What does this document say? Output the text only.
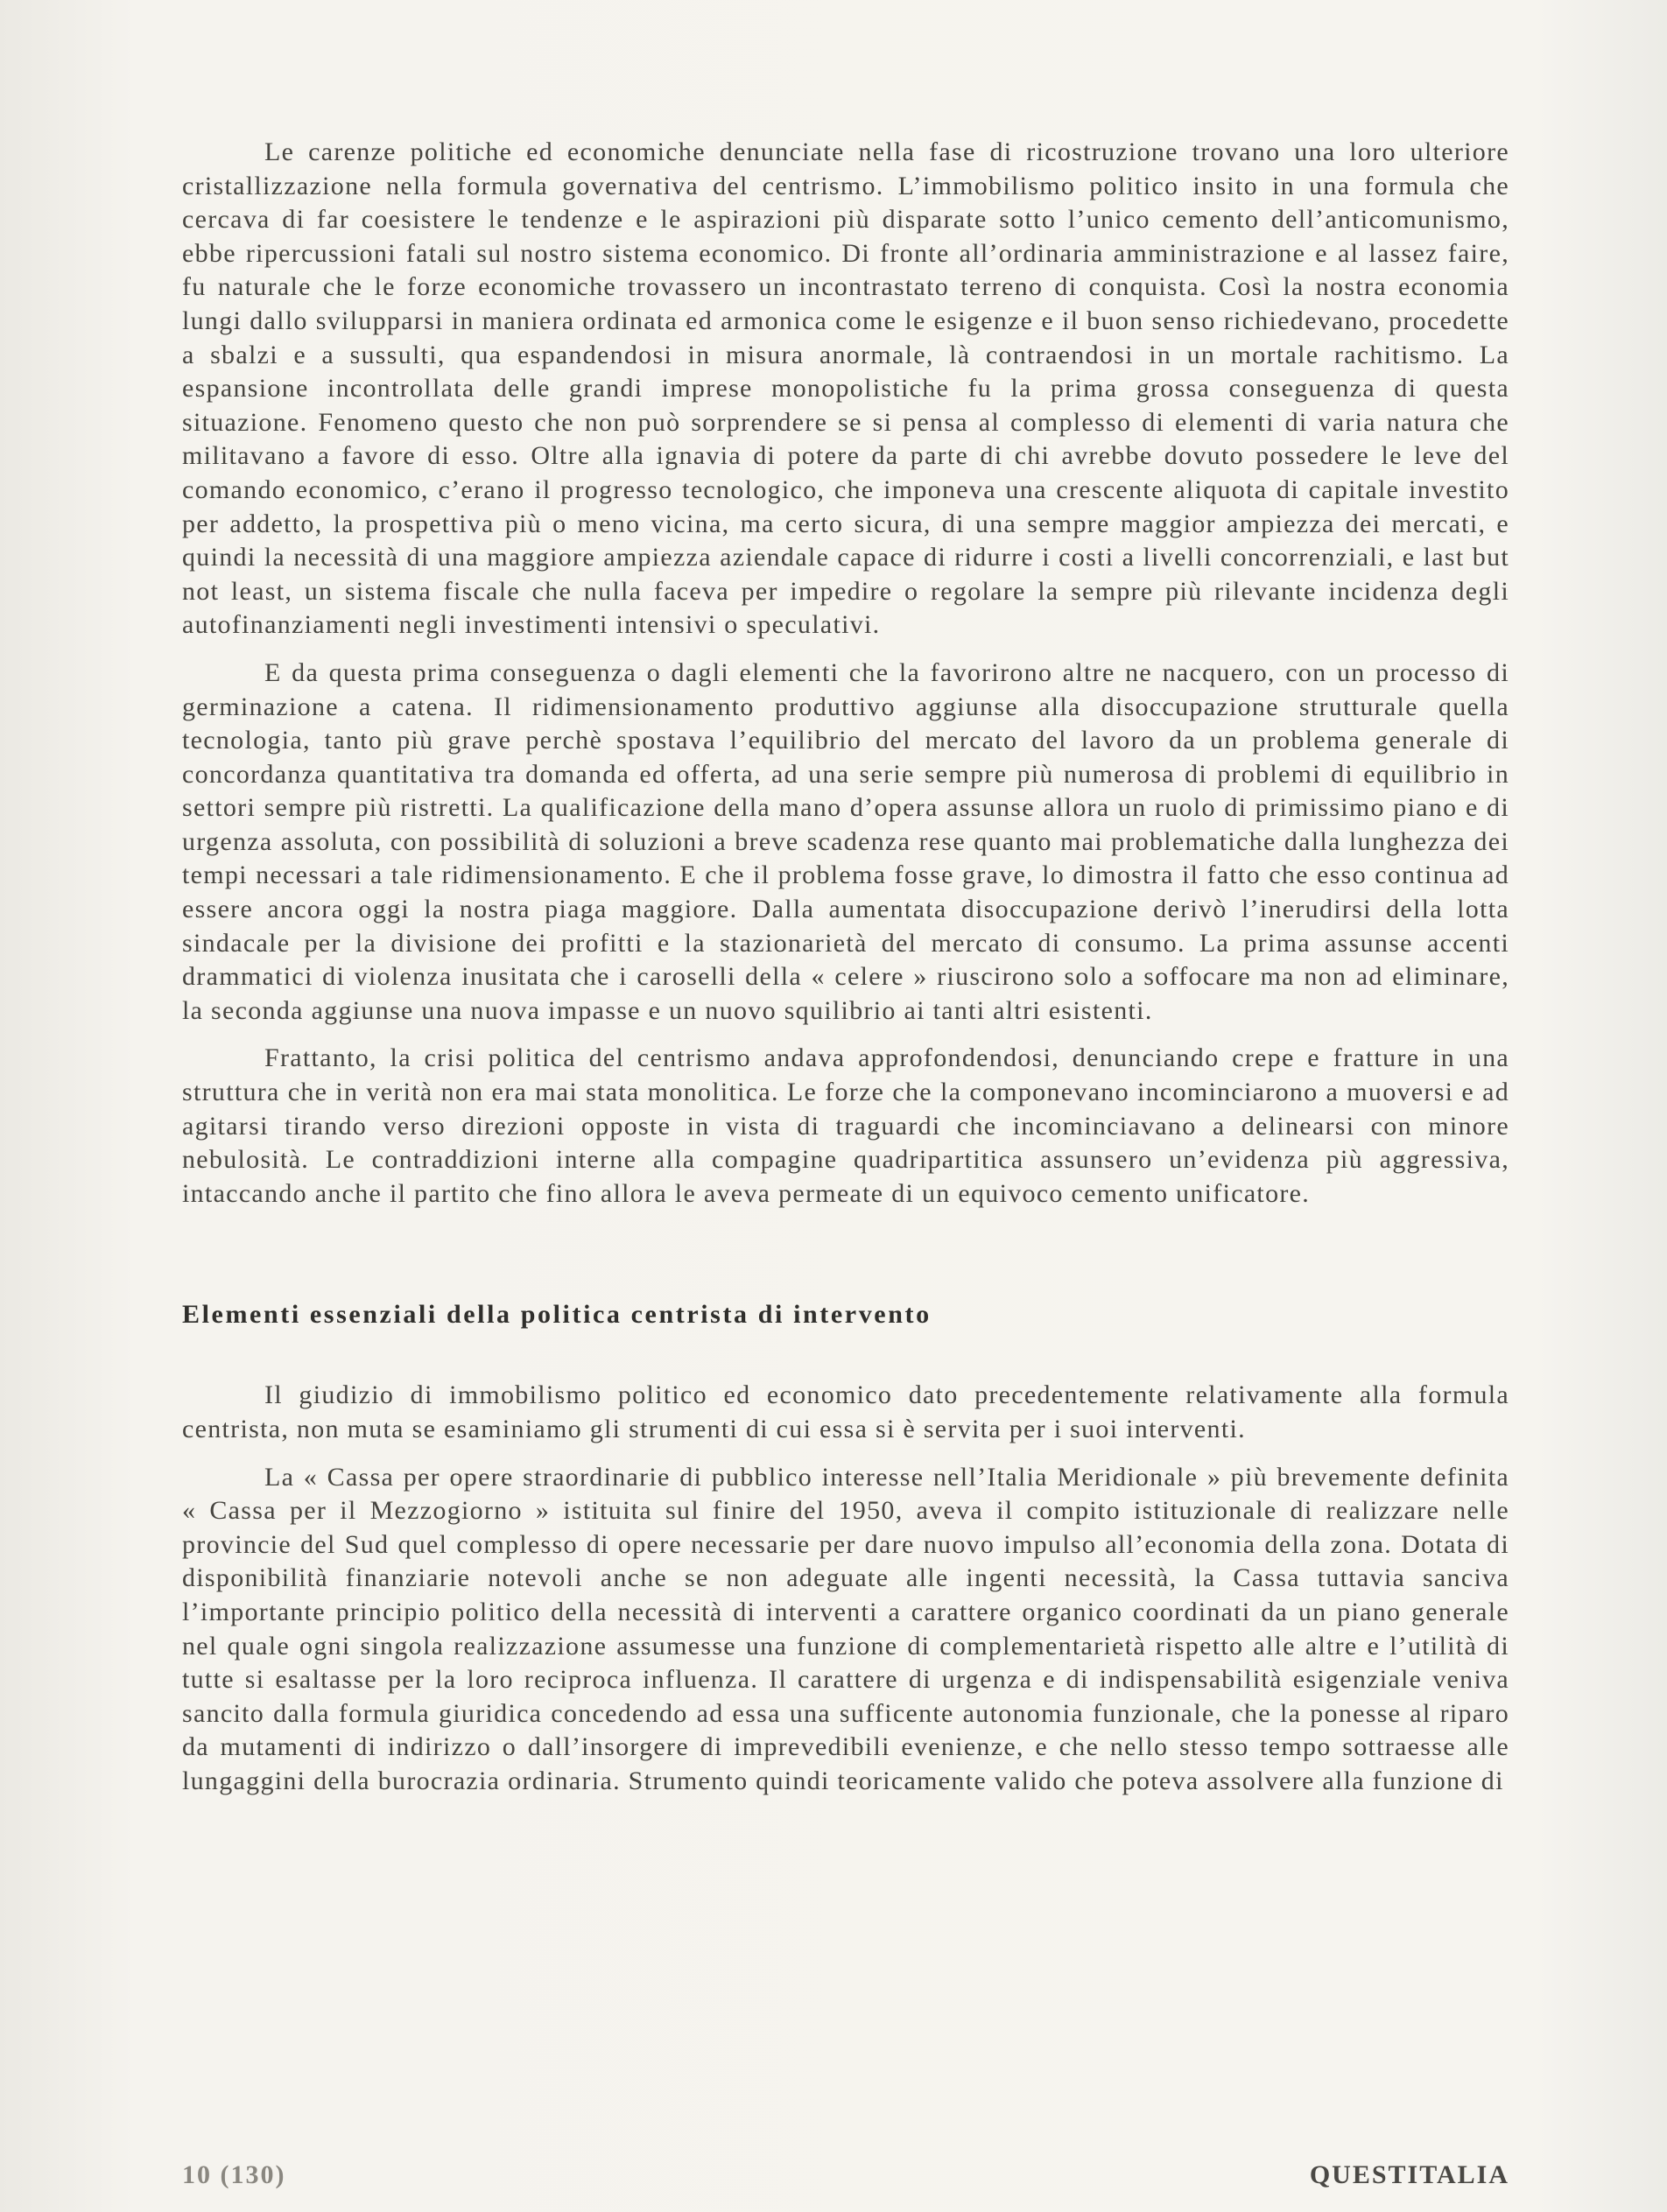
Le carenze politiche ed economiche denunciate nella fase di ricostruzione trovano una loro ulteriore cristallizzazione nella formula governativa del centrismo. L’immobilismo politico insito in una formula che cercava di far coesistere le tendenze e le aspirazioni più disparate sotto l’unico cemento dell’anticomunismo, ebbe ripercussioni fatali sul nostro sistema economico. Di fronte all’ordinaria amministrazione e al lassez faire, fu naturale che le forze economiche trovassero un incontrastato terreno di conquista. Così la nostra economia lungi dallo svilupparsi in maniera ordinata ed armonica come le esigenze e il buon senso richiedevano, procedette a sbalzi e a sussulti, qua espandendosi in misura anormale, là contraendosi in un mortale rachitismo. La espansione incontrollata delle grandi imprese monopolistiche fu la prima grossa conseguenza di questa situazione. Fenomeno questo che non può sorprendere se si pensa al complesso di elementi di varia natura che militavano a favore di esso. Oltre alla ignavia di potere da parte di chi avrebbe dovuto possedere le leve del comando economico, c’erano il progresso tecnologico, che imponeva una crescente aliquota di capitale investito per addetto, la prospettiva più o meno vicina, ma certo sicura, di una sempre maggior ampiezza dei mercati, e quindi la necessità di una maggiore ampiezza aziendale capace di ridurre i costi a livelli concorrenziali, e last but not least, un sistema fiscale che nulla faceva per impedire o regolare la sempre più rilevante incidenza degli autofinanziamenti negli investimenti intensivi o speculativi.

E da questa prima conseguenza o dagli elementi che la favorirono altre ne nacquero, con un processo di germinazione a catena. Il ridimensionamento produttivo aggiunse alla disoccupazione strutturale quella tecnologia, tanto più grave perchè spostava l’equilibrio del mercato del lavoro da un problema generale di concordanza quantitativa tra domanda ed offerta, ad una serie sempre più numerosa di problemi di equilibrio in settori sempre più ristretti. La qualificazione della mano d’opera assunse allora un ruolo di primissimo piano e di urgenza assoluta, con possibilità di soluzioni a breve scadenza rese quanto mai problematiche dalla lunghezza dei tempi necessari a tale ridimensionamento. E che il problema fosse grave, lo dimostra il fatto che esso continua ad essere ancora oggi la nostra piaga maggiore. Dalla aumentata disoccupazione derivò l’inerudirsi della lotta sindacale per la divisione dei profitti e la stazionarietà del mercato di consumo. La prima assunse accenti drammatici di violenza inusitata che i caroselli della « celere » riuscirono solo a soffocare ma non ad eliminare, la seconda aggiunse una nuova impasse e un nuovo squilibrio ai tanti altri esistenti.

Frattanto, la crisi politica del centrismo andava approfondendosi, denunciando crepe e fratture in una struttura che in verità non era mai stata monolitica. Le forze che la componevano incominciarono a muoversi e ad agitarsi tirando verso direzioni opposte in vista di traguardi che incominciavano a delinearsi con minore nebulosità. Le contraddizioni interne alla compagine quadripartitica assunsero un’evidenza più aggressiva, intaccando anche il partito che fino allora le aveva permeate di un equivoco cemento unificatore.

Elementi essenziali della politica centrista di intervento

Il giudizio di immobilismo politico ed economico dato precedentemente relativamente alla formula centrista, non muta se esaminiamo gli strumenti di cui essa si è servita per i suoi interventi.

La « Cassa per opere straordinarie di pubblico interesse nell’Italia Meridionale » più brevemente definita « Cassa per il Mezzogiorno » istituita sul finire del 1950, aveva il compito istituzionale di realizzare nelle provincie del Sud quel complesso di opere necessarie per dare nuovo impulso all’economia della zona. Dotata di disponibilità finanziarie notevoli anche se non adeguate alle ingenti necessità, la Cassa tuttavia sanciva l’importante principio politico della necessità di interventi a carattere organico coordinati da un piano generale nel quale ogni singola realizzazione assumesse una funzione di complementarietà rispetto alle altre e l’utilità di tutte si esaltasse per la loro reciproca influenza. Il carattere di urgenza e di indispensabilità esigenziale veniva sancito dalla formula giuridica concedendo ad essa una sufficente autonomia funzionale, che la ponesse al riparo da mutamenti di indirizzo o dall’insorgere di imprevedibili evenienze, e che nello stesso tempo sottraesse alle lungaggini della burocrazia ordinaria. Strumento quindi teoricamente valido che poteva assolvere alla funzione di

10 (130)	QUESTITALIA
